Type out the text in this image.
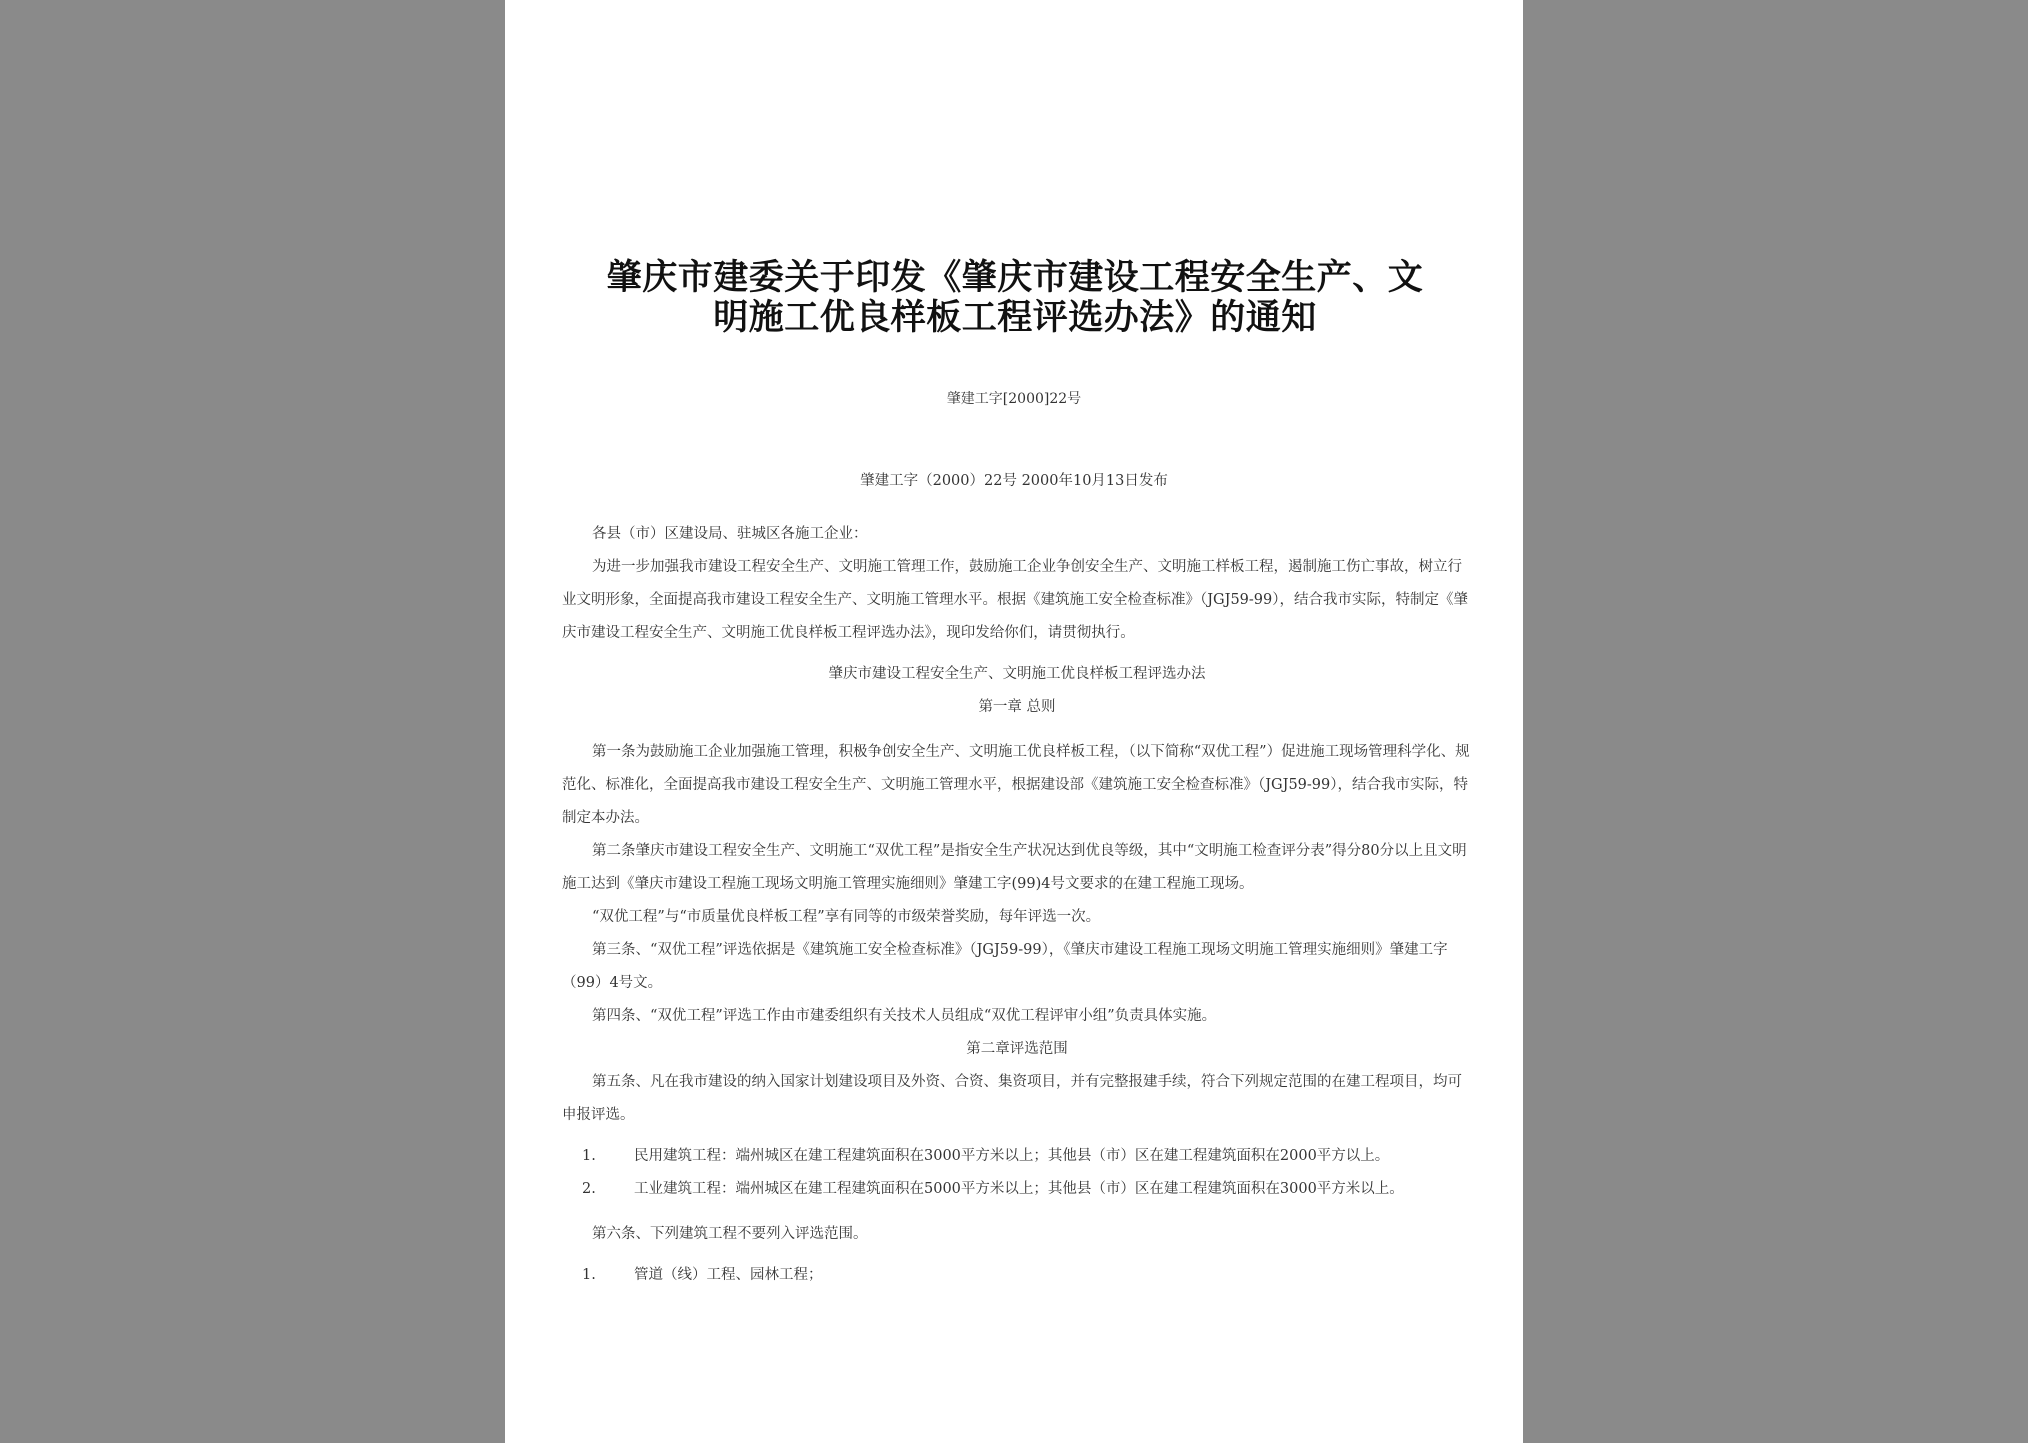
肇庆市建委关于印发《肇庆市建设工程安全生产、文
明施工优良样板工程评选办法》的通知
肇建工字[2000]22号
肇建工字（2000）22号 2000年10月13日发布

各县（市）区建设局、驻城区各施工企业：

为进一步加强我市建设工程安全生产、文明施工管理工作，鼓励施工企业争创安全生产、文明施工样板工程，遏制施工伤亡事故，树立行业文明形象，全面提高我市建设工程安全生产、文明施工管理水平。根据《建筑施工安全检查标准》（JGJ59-99），结合我市实际，特制定《肇庆市建设工程安全生产、文明施工优良样板工程评选办法》，现印发给你们，请贯彻执行。

肇庆市建设工程安全生产、文明施工优良样板工程评选办法

第一章 总则

第一条为鼓励施工企业加强施工管理，积极争创安全生产、文明施工优良样板工程，（以下简称“双优工程”）促进施工现场管理科学化、规范化、标准化，全面提高我市建设工程安全生产、文明施工管理水平，根据建设部《建筑施工安全检查标准》（JGJ59-99），结合我市实际，特制定本办法。

第二条肇庆市建设工程安全生产、文明施工“双优工程”是指安全生产状况达到优良等级，其中“文明施工检查评分表”得分80分以上且文明施工达到《肇庆市建设工程施工现场文明施工管理实施细则》肇建工字(99)4号文要求的在建工程施工现场。

“双优工程”与“市质量优良样板工程”享有同等的市级荣誉奖励，每年评选一次。

第三条、“双优工程”评选依据是《建筑施工安全检查标准》（JGJ59-99），《肇庆市建设工程施工现场文明施工管理实施细则》肇建工字（99）4号文。

第四条、“双优工程”评选工作由市建委组织有关技术人员组成“双优工程评审小组”负责具体实施。

第二章评选范围

第五条、凡在我市建设的纳入国家计划建设项目及外资、合资、集资项目，并有完整报建手续，符合下列规定范围的在建工程项目，均可申报评选。

1.	民用建筑工程：端州城区在建工程建筑面积在3000平方米以上；其他县（市）区在建工程建筑面积在2000平方以上。
2.	工业建筑工程：端州城区在建工程建筑面积在5000平方米以上；其他县（市）区在建工程建筑面积在3000平方米以上。

第六条、下列建筑工程不要列入评选范围。

1.	管道（线）工程、园林工程；
